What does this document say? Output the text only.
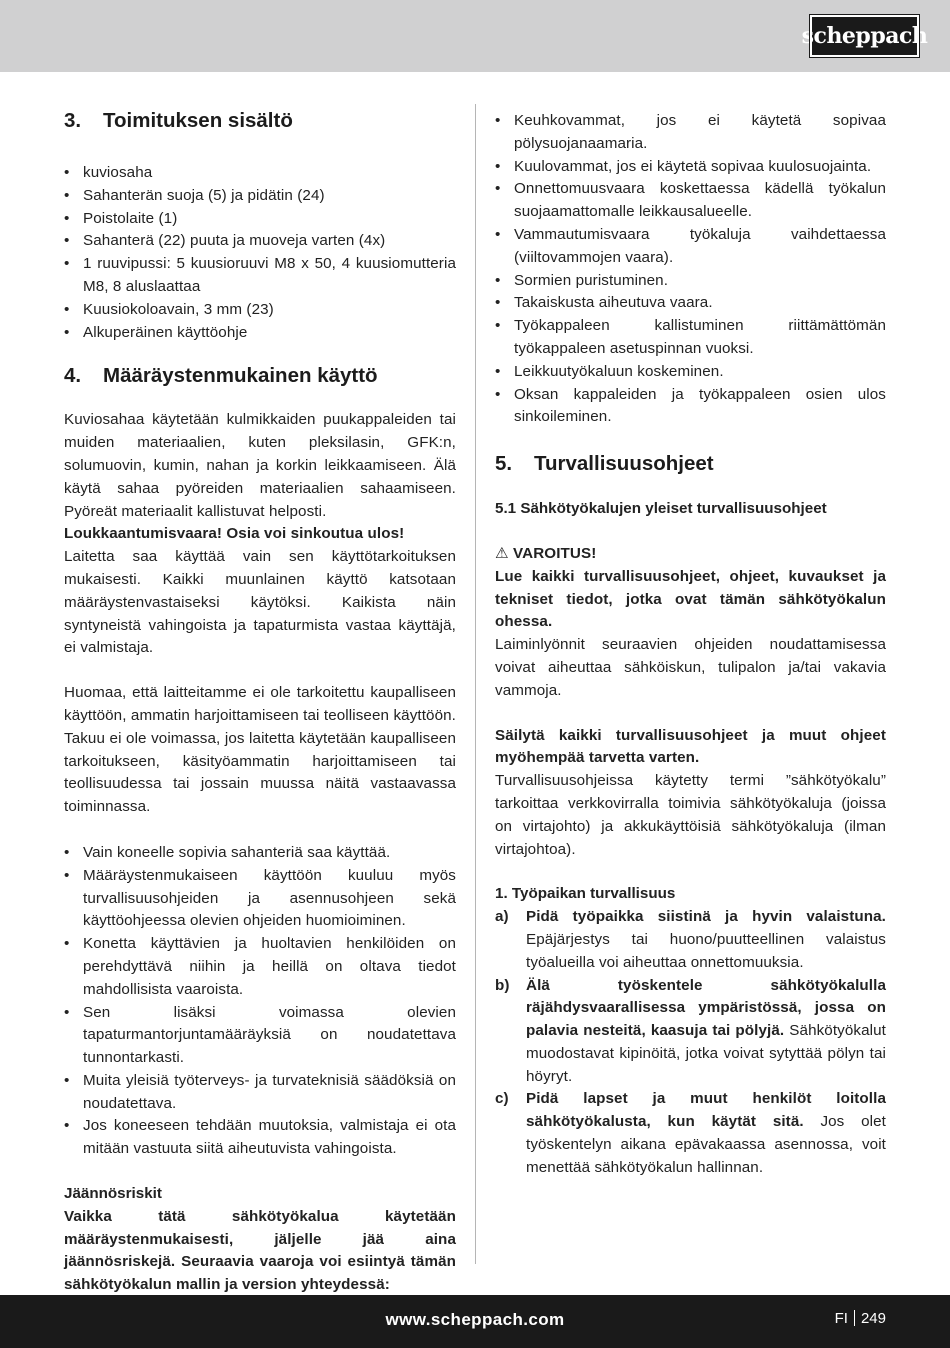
scheppach
3.	Toimituksen sisältö
• kuviosaha
• Sahanterän suoja (5) ja pidätin (24)
• Poistolaite (1)
• Sahanterä (22) puuta ja muoveja varten (4x)
• 1 ruuvipussi: 5 kuusioruuvi M8 x 50, 4 kuusiomutteria M8, 8 aluslaattaa
• Kuusiokoloavain, 3 mm (23)
• Alkuperäinen käyttöohje
4.	Määräystenmukainen käyttö

Kuviosahaa käytetään kulmikkaiden puukappaleiden tai muiden materiaalien, kuten pleksilasin, GFK:n, solumuovin, kumin, nahan ja korkin leikkaamiseen. Älä käytä sahaa pyöreiden materiaalien sahaamiseen. Pyöreät materiaalit kallistuvat helposti.

Loukkaantumisvaara! Osia voi sinkoutua ulos!

Laitetta saa käyttää vain sen käyttötarkoituksen mukaisesti. Kaikki muunlainen käyttö katsotaan määräystenvastaiseksi käytöksi. Kaikista näin syntyneistä vahingoista ja tapaturmista vastaa käyttäjä, ei valmistaja.

Huomaa, että laitteitamme ei ole tarkoitettu kaupalliseen käyttöön, ammatin harjoittamiseen tai teolliseen käyttöön. Takuu ei ole voimassa, jos laitetta käytetään kaupalliseen tarkoitukseen, käsityöammatin harjoittamiseen tai teollisuudessa tai jossain muussa näitä vastaavassa toiminnassa.

• Vain koneelle sopivia sahanteriä saa käyttää.
• Määräystenmukaiseen käyttöön kuuluu myös turvallisuusohjeiden ja asennusohjeen sekä käyttöohjeessa olevien ohjeiden huomioiminen.
• Konetta käyttävien ja huoltavien henkilöiden on perehdyttävä niihin ja heillä on oltava tiedot mahdollisista vaaroista.
• Sen lisäksi voimassa olevien tapaturmantorjuntamääräyksiä on noudatettava tunnontarkasti.
• Muita yleisiä työterveys- ja turvateknisiä säädöksiä on noudatettava.
• Jos koneeseen tehdään muutoksia, valmistaja ei ota mitään vastuuta siitä aiheutuvista vahingoista.

Jäännösriskit

Vaikka tätä sähkötyökalua käytetään määräystenmukaisesti, jäljelle jää aina jäännösriskejä. Seuraavia vaaroja voi esiintyä tämän sähkötyökalun mallin ja version yhteydessä:

• Keuhkovammat, jos ei käytetä sopivaa pölysuojanaamaria.
• Kuulovammat, jos ei käytetä sopivaa kuulosuojainta.
• Onnettomuusvaara koskettaessa kädellä työkalun suojaamattomalle leikkausalueelle.
• Vammautumisvaara työkaluja vaihdettaessa (viiltovammojen vaara).
• Sormien puristuminen.
• Takaiskusta aiheutuva vaara.
• Työkappaleen kallistuminen riittämättömän työkappaleen asetuspinnan vuoksi.
• Leikkuutyökaluun koskeminen.
• Oksan kappaleiden ja työkappaleen osien ulos sinkoileminen.
5.	Turvallisuusohjeet

5.1 Sähkötyökalujen yleiset turvallisuusohjeet

⚠ VAROITUS!

Lue kaikki turvallisuusohjeet, ohjeet, kuvaukset ja tekniset tiedot, jotka ovat tämän sähkötyökalun ohessa.

Laiminlyönnit seuraavien ohjeiden noudattamisessa voivat aiheuttaa sähköiskun, tulipalon ja/tai vakavia vammoja.

Säilytä kaikki turvallisuusohjeet ja muut ohjeet myöhempää tarvetta varten.

Turvallisuusohjeissa käytetty termi ”sähkötyökalu” tarkoittaa verkkovirralla toimivia sähkötyökaluja (joissa on virtajohto) ja akkukäyttöisiä sähkötyökaluja (ilman virtajohtoa).

1. Työpaikan turvallisuus

a)	Pidä työpaikka siistinä ja hyvin valaistuna. Epäjärjestys tai huono/puutteellinen valaistus työalueilla voi aiheuttaa onnettomuuksia.
b)	Älä työskentele sähkötyökalulla räjähdysvaarallisessa ympäristössä, jossa on palavia nesteitä, kaasuja tai pölyjä. Sähkötyökalut muodostavat kipinöitä, jotka voivat sytyttää pölyn tai höyryt.
c)	Pidä lapset ja muut henkilöt loitolla sähkötyökalusta, kun käytät sitä. Jos olet työskentelyn aikana epävakaassa asennossa, voit menettää sähkötyökalun hallinnan.
www.scheppach.com	FI 249
